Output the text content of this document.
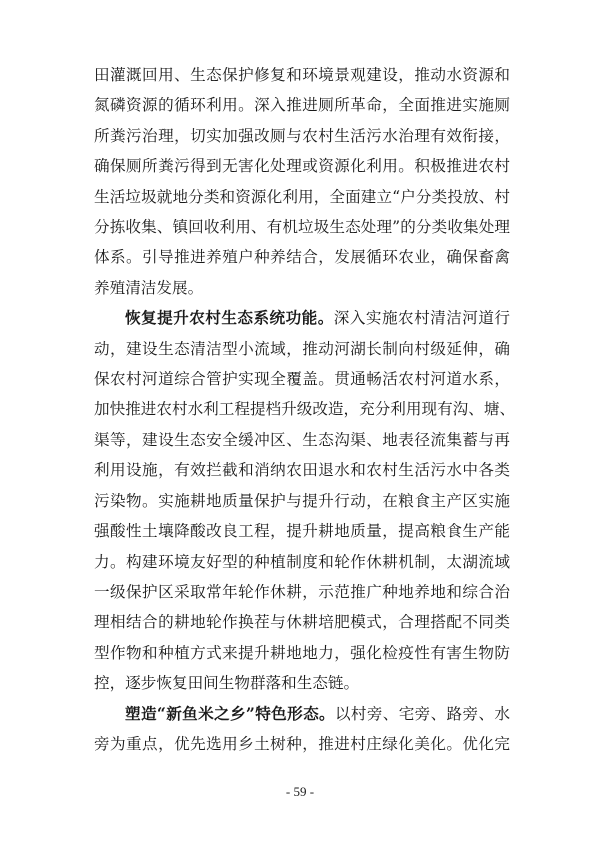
田灌溉回用、生态保护修复和环境景观建设，推动水资源和
氮磷资源的循环利用。深入推进厕所革命，全面推进实施厕
所粪污治理，切实加强改厕与农村生活污水治理有效衔接，
确保厕所粪污得到无害化处理或资源化利用。积极推进农村
生活垃圾就地分类和资源化利用，全面建立“户分类投放、村
分拣收集、镇回收利用、有机垃圾生态处理”的分类收集处理
体系。引导推进养殖户种养结合，发展循环农业，确保畜禽
养殖清洁发展。
恢复提升农村生态系统功能。深入实施农村清洁河道行
动，建设生态清洁型小流域，推动河湖长制向村级延伸，确
保农村河道综合管护实现全覆盖。贯通畅活农村河道水系，
加快推进农村水利工程提档升级改造，充分利用现有沟、塘、
渠等，建设生态安全缓冲区、生态沟渠、地表径流集蓄与再
利用设施，有效拦截和消纳农田退水和农村生活污水中各类
污染物。实施耕地质量保护与提升行动，在粮食主产区实施
强酸性土壤降酸改良工程，提升耕地质量，提高粮食生产能
力。构建环境友好型的种植制度和轮作休耕机制，太湖流域
一级保护区采取常年轮作休耕，示范推广种地养地和综合治
理相结合的耕地轮作换茬与休耕培肥模式，合理搭配不同类
型作物和种植方式来提升耕地地力，强化检疫性有害生物防
控，逐步恢复田间生物群落和生态链。
塑造“新鱼米之乡”特色形态。以村旁、宅旁、路旁、水
旁为重点，优先选用乡土树种，推进村庄绿化美化。优化完
- 59 -
